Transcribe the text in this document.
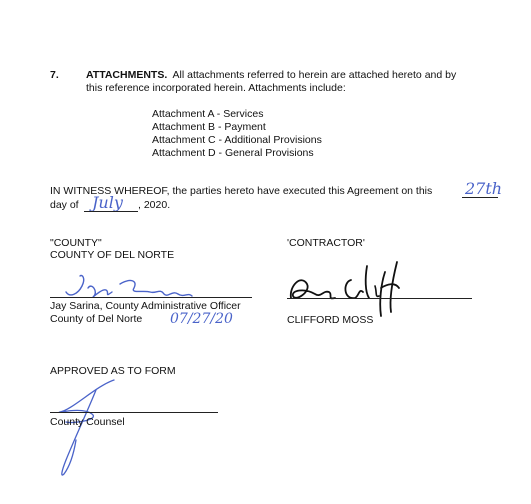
7.	ATTACHMENTS. All attachments referred to herein are attached hereto and by
this reference incorporated herein. Attachments include:
Attachment A - Services
Attachment B - Payment
Attachment C - Additional Provisions
Attachment D - General Provisions
IN WITNESS WHEREOF, the parties hereto have executed this Agreement on this 27th
day of July , 2020.
"COUNTY"
COUNTY OF DEL NORTE
Jay Sarina, County Administrative Officer
County of Del Norte 07/27/20
'CONTRACTOR'
CLIFFORD MOSS
APPROVED AS TO FORM
County Counsel
